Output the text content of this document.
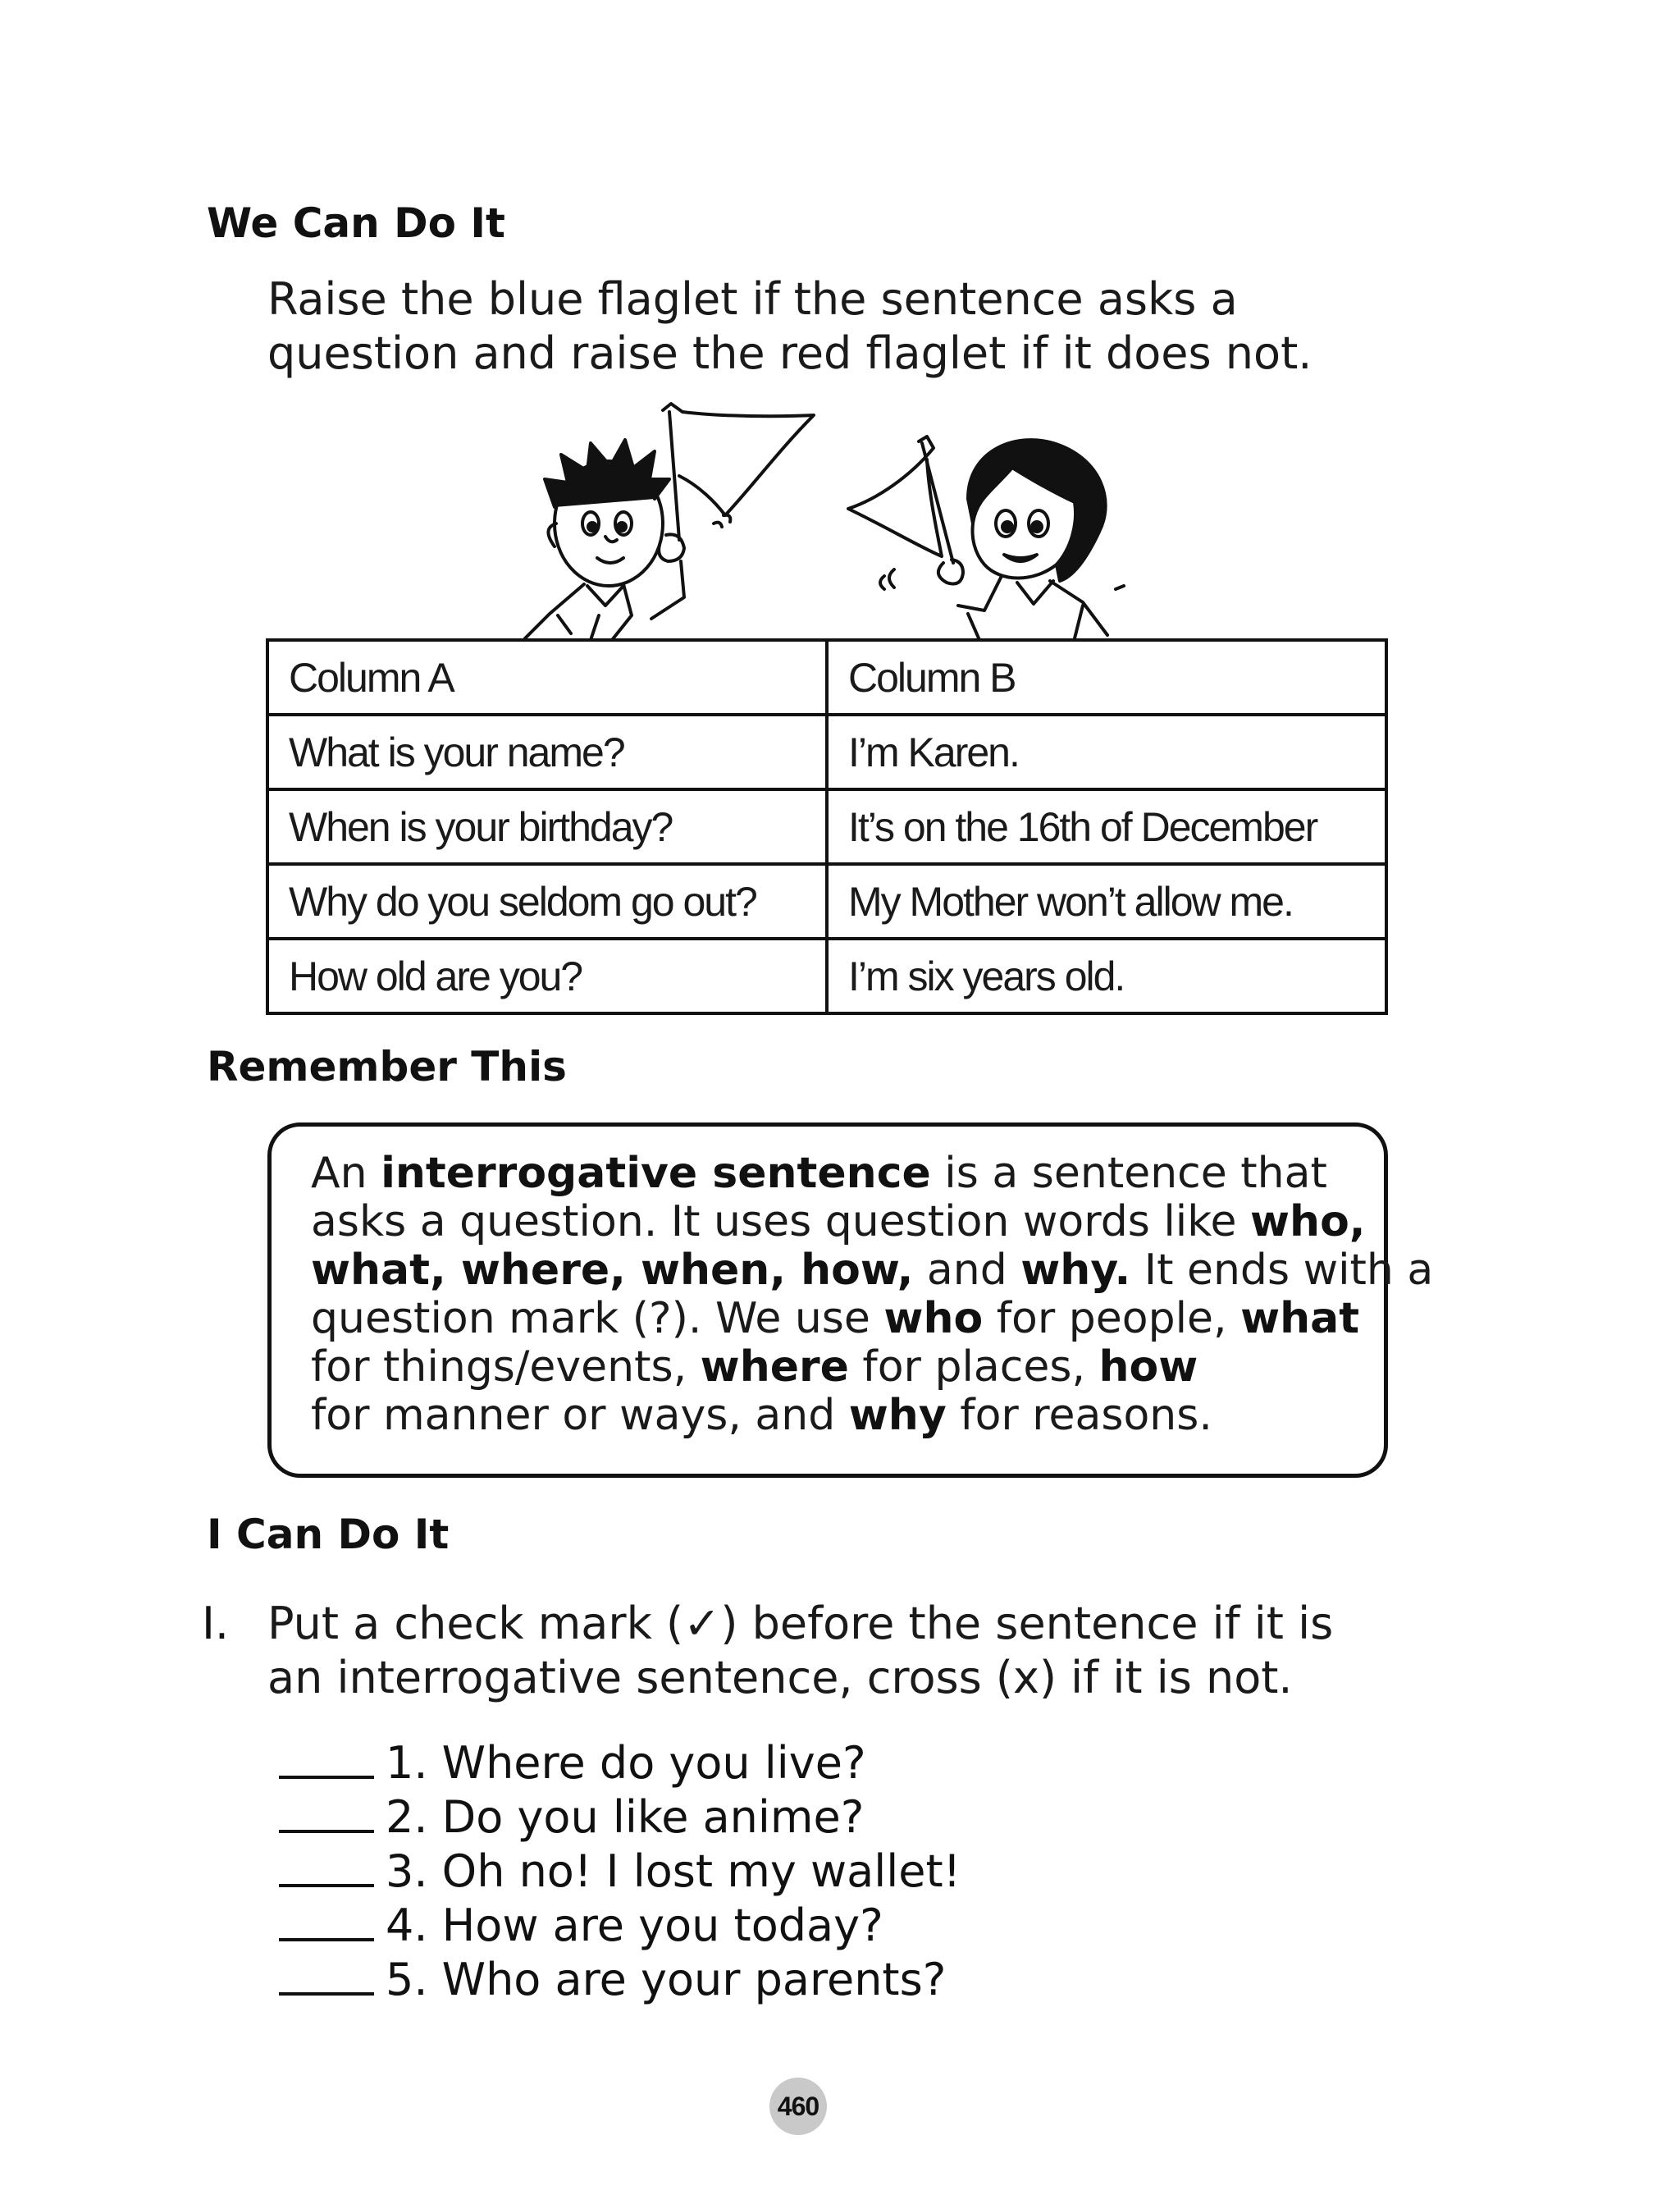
We Can Do It
Raise the blue flaglet if the sentence asks a
question and raise the red flaglet if it does not.
Column A	Column B
What is your name?	I’m Karen.
When is your birthday?	It’s on the 16th of December
Why do you seldom go out?	My Mother won’t allow me.
How old are you?	I’m six years old.
Remember This
An interrogative sentence is a sentence that
asks a question. It uses question words like who,
what, where, when, how, and why. It ends with a
question mark (?). We use who for people, what
for things/events, where for places, how
for manner or ways, and why for reasons.
I Can Do It
I. Put a check mark (✓) before the sentence if it is
an interrogative sentence, cross (x) if it is not.
1. Where do you live?
2. Do you like anime?
3. Oh no! I lost my wallet!
4. How are you today?
5. Who are your parents?
460
